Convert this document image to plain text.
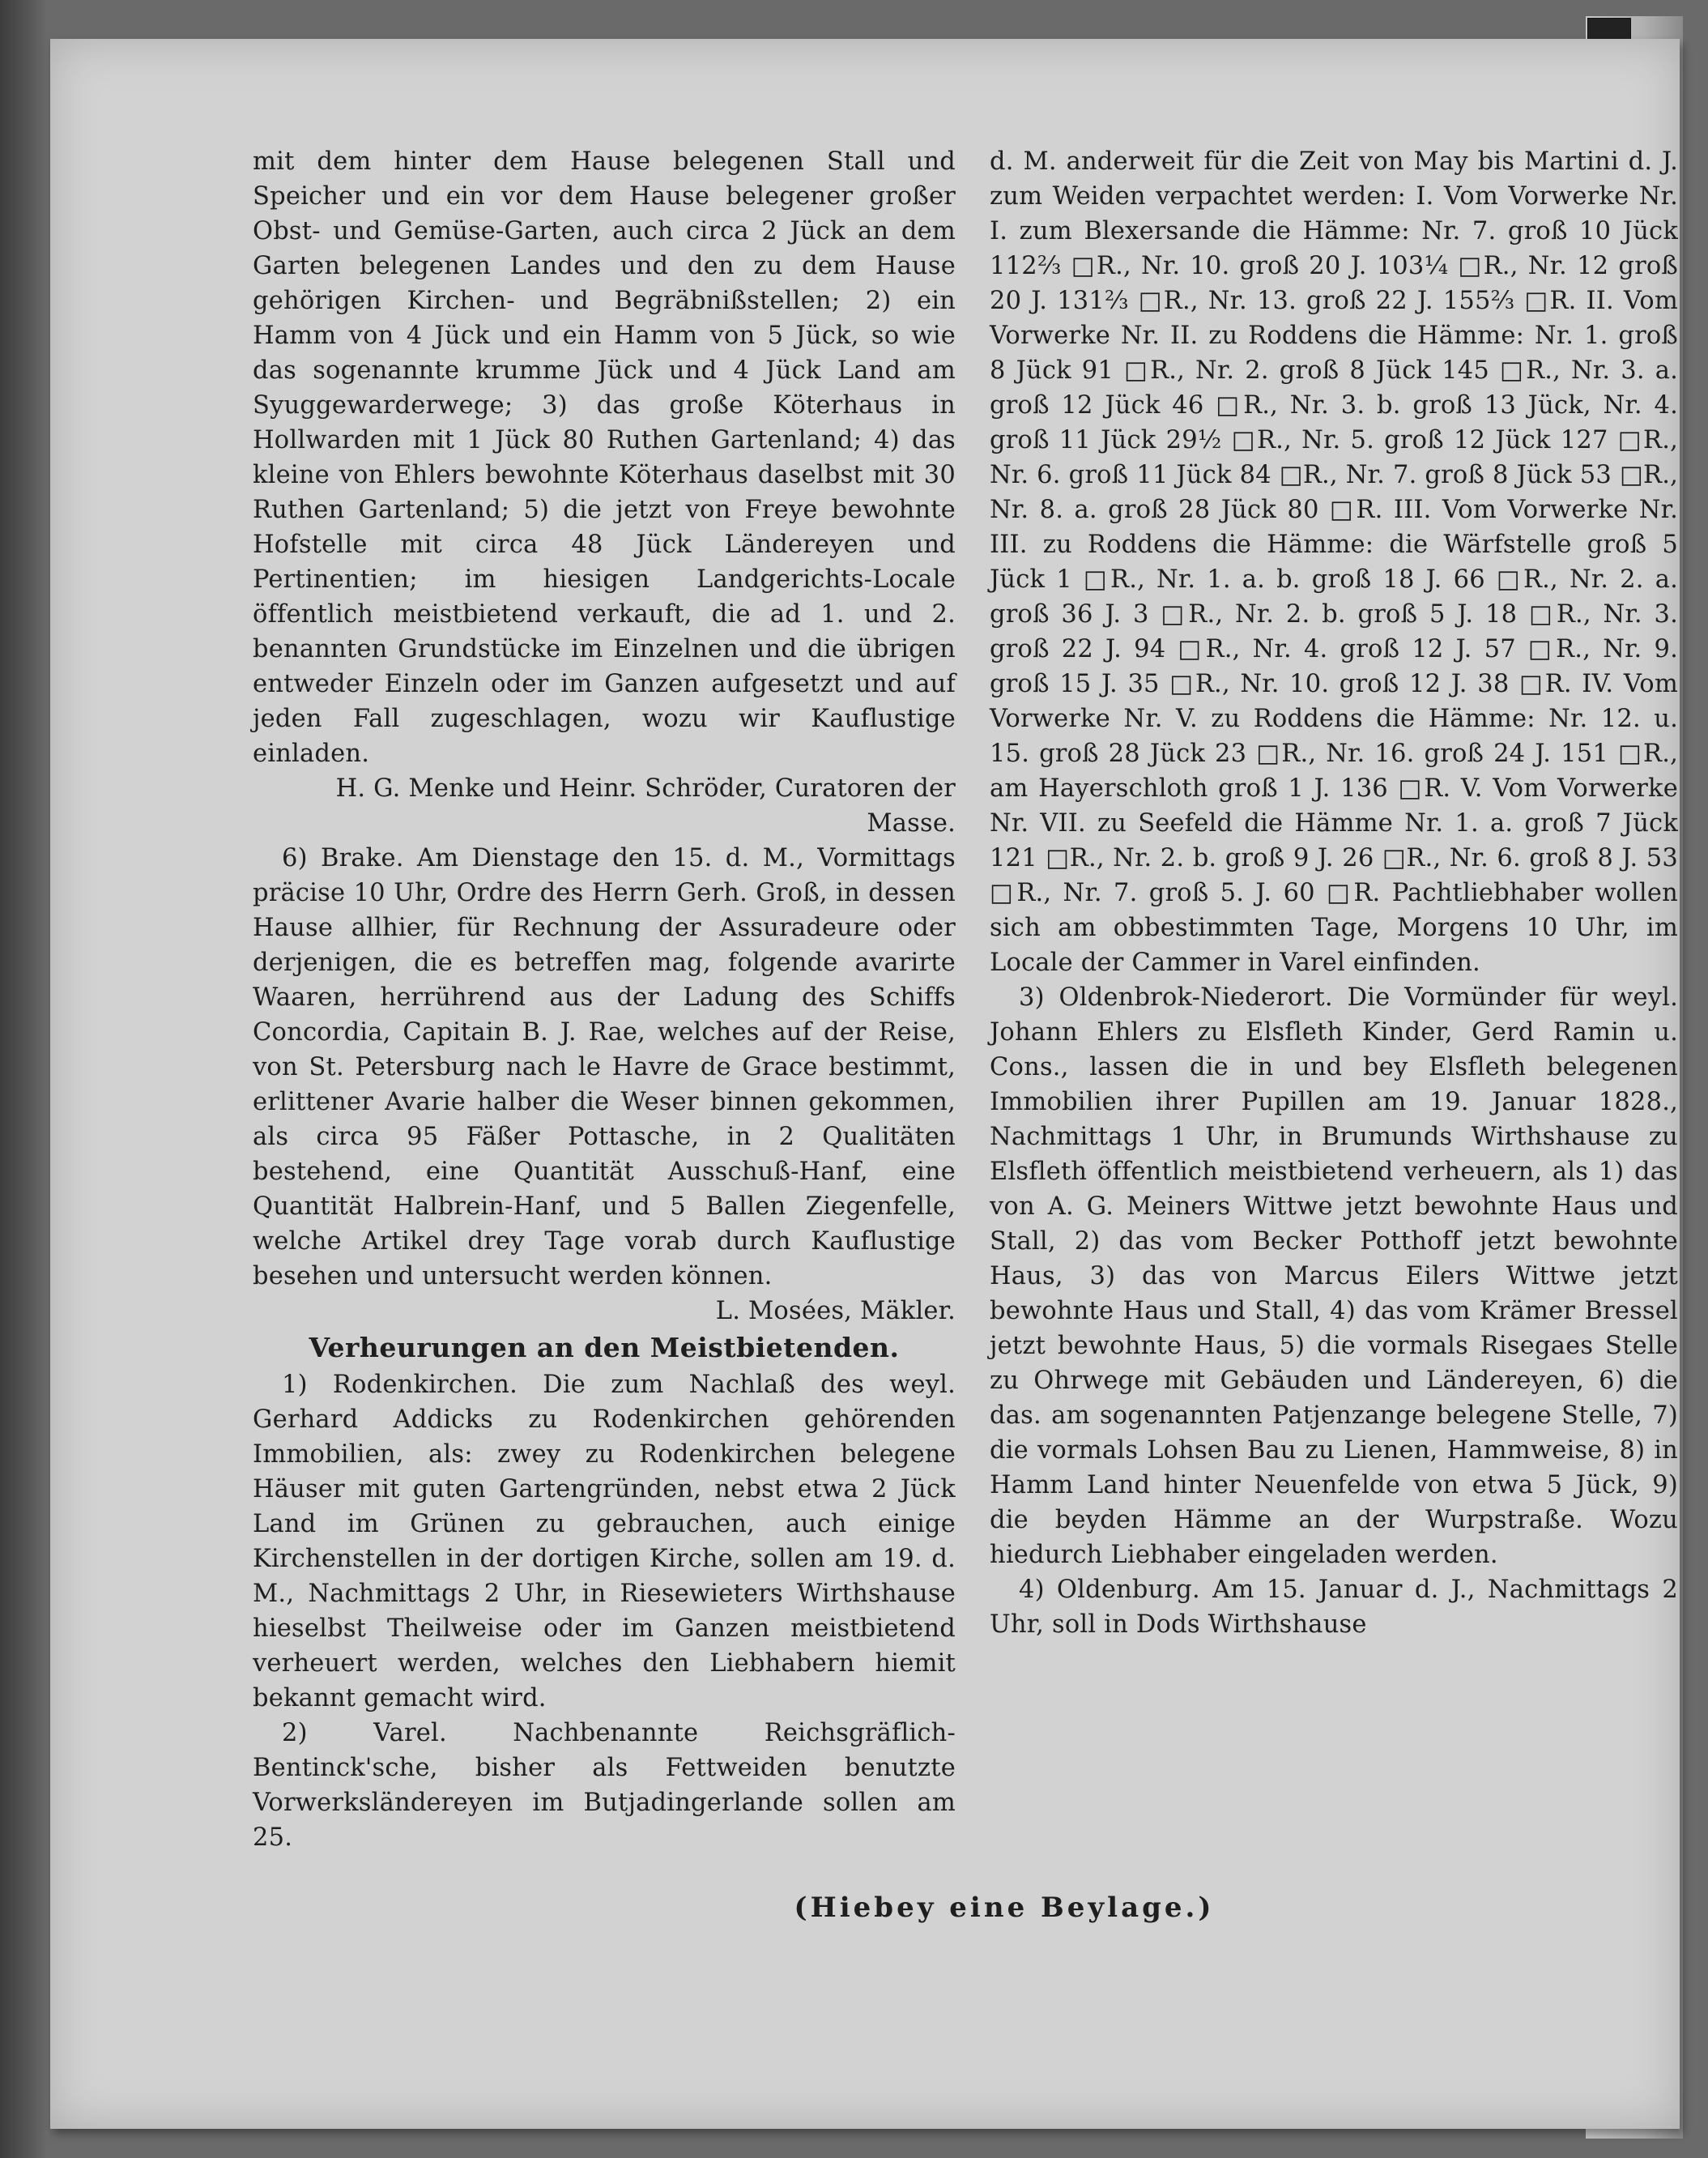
mit dem hinter dem Hause belegenen Stall und Speicher und ein vor dem Hause belegener großer Obst- und Gemüse-Garten, auch circa 2 Jück an dem Garten belegenen Landes und den zu dem Hause gehörigen Kirchen- und Begräbnißstellen; 2) ein Hamm von 4 Jück und ein Hamm von 5 Jück, so wie das sogenannte krumme Jück und 4 Jück Land am Syuggewarderwege; 3) das große Köterhaus in Hollwarden mit 1 Jück 80 Ruthen Gartenland; 4) das kleine von Ehlers bewohnte Köterhaus daselbst mit 30 Ruthen Gartenland; 5) die jetzt von Freye bewohnte Hofstelle mit circa 48 Jück Ländereyen und Pertinentien; im hiesigen Landgerichts-Locale öffentlich meistbietend verkauft, die ad 1. und 2. benannten Grundstücke im Einzelnen und die übrigen entweder Einzeln oder im Ganzen aufgesetzt und auf jeden Fall zugeschlagen, wozu wir Kauflustige einladen.

H. G. Menke und Heinr. Schröder, Curatoren der Masse.

6) Brake. Am Dienstage den 15. d. M., Vormittags präcise 10 Uhr, Ordre des Herrn Gerh. Groß, in dessen Hause allhier, für Rechnung der Assuradeure oder derjenigen, die es betreffen mag, folgende avarirte Waaren, herrührend aus der Ladung des Schiffs Concordia, Capitain B. J. Rae, welches auf der Reise, von St. Petersburg nach le Havre de Grace bestimmt, erlittener Avarie halber die Weser binnen gekommen, als circa 95 Fäßer Pottasche, in 2 Qualitäten bestehend, eine Quantität Ausschuß-Hanf, eine Quantität Halbrein-Hanf, und 5 Ballen Ziegenfelle, welche Artikel drey Tage vorab durch Kauflustige besehen und untersucht werden können.

L. Mosées, Mäkler.

Verheurungen an den Meistbietenden.

1) Rodenkirchen. Die zum Nachlaß des weyl. Gerhard Addicks zu Rodenkirchen gehörenden Immobilien, als: zwey zu Rodenkirchen belegene Häuser mit guten Gartengründen, nebst etwa 2 Jück Land im Grünen zu gebrauchen, auch einige Kirchenstellen in der dortigen Kirche, sollen am 19. d. M., Nachmittags 2 Uhr, in Riesewieters Wirthshause hieselbst Theilweise oder im Ganzen meistbietend verheuert werden, welches den Liebhabern hiemit bekannt gemacht wird.

2) Varel. Nachbenannte Reichsgräflich-Bentinck'sche, bisher als Fettweiden benutzte Vorwerksländereyen im Butjadingerlande sollen am 25.

d. M. anderweit für die Zeit von May bis Martini d. J. zum Weiden verpachtet werden: I. Vom Vorwerke Nr. I. zum Blexersande die Hämme: Nr. 7. groß 10 Jück 112⅔ □R., Nr. 10. groß 20 J. 103¼ □R., Nr. 12 groß 20 J. 131⅔ □R., Nr. 13. groß 22 J. 155⅔ □R. II. Vom Vorwerke Nr. II. zu Roddens die Hämme: Nr. 1. groß 8 Jück 91 □R., Nr. 2. groß 8 Jück 145 □R., Nr. 3. a. groß 12 Jück 46 □R., Nr. 3. b. groß 13 Jück, Nr. 4. groß 11 Jück 29½ □R., Nr. 5. groß 12 Jück 127 □R., Nr. 6. groß 11 Jück 84 □R., Nr. 7. groß 8 Jück 53 □R., Nr. 8. a. groß 28 Jück 80 □R. III. Vom Vorwerke Nr. III. zu Roddens die Hämme: die Wärfstelle groß 5 Jück 1 □R., Nr. 1. a. b. groß 18 J. 66 □R., Nr. 2. a. groß 36 J. 3 □R., Nr. 2. b. groß 5 J. 18 □R., Nr. 3. groß 22 J. 94 □R., Nr. 4. groß 12 J. 57 □R., Nr. 9. groß 15 J. 35 □R., Nr. 10. groß 12 J. 38 □R. IV. Vom Vorwerke Nr. V. zu Roddens die Hämme: Nr. 12. u. 15. groß 28 Jück 23 □R., Nr. 16. groß 24 J. 151 □R., am Hayerschloth groß 1 J. 136 □R. V. Vom Vorwerke Nr. VII. zu Seefeld die Hämme Nr. 1. a. groß 7 Jück 121 □R., Nr. 2. b. groß 9 J. 26 □R., Nr. 6. groß 8 J. 53 □R., Nr. 7. groß 5. J. 60 □R. Pachtliebhaber wollen sich am obbestimmten Tage, Morgens 10 Uhr, im Locale der Cammer in Varel einfinden.

3) Oldenbrok-Niederort. Die Vormünder für weyl. Johann Ehlers zu Elsfleth Kinder, Gerd Ramin u. Cons., lassen die in und bey Elsfleth belegenen Immobilien ihrer Pupillen am 19. Januar 1828., Nachmittags 1 Uhr, in Brumunds Wirthshause zu Elsfleth öffentlich meistbietend verheuern, als 1) das von A. G. Meiners Wittwe jetzt bewohnte Haus und Stall, 2) das vom Becker Potthoff jetzt bewohnte Haus, 3) das von Marcus Eilers Wittwe jetzt bewohnte Haus und Stall, 4) das vom Krämer Bressel jetzt bewohnte Haus, 5) die vormals Risegaes Stelle zu Ohrwege mit Gebäuden und Ländereyen, 6) die das. am sogenannten Patjenzange belegene Stelle, 7) die vormals Lohsen Bau zu Lienen, Hammweise, 8) in Hamm Land hinter Neuenfelde von etwa 5 Jück, 9) die beyden Hämme an der Wurpstraße. Wozu hiedurch Liebhaber eingeladen werden.

4) Oldenburg. Am 15. Januar d. J., Nachmittags 2 Uhr, soll in Dods Wirthshause

(Hiebey eine Beylage.)
